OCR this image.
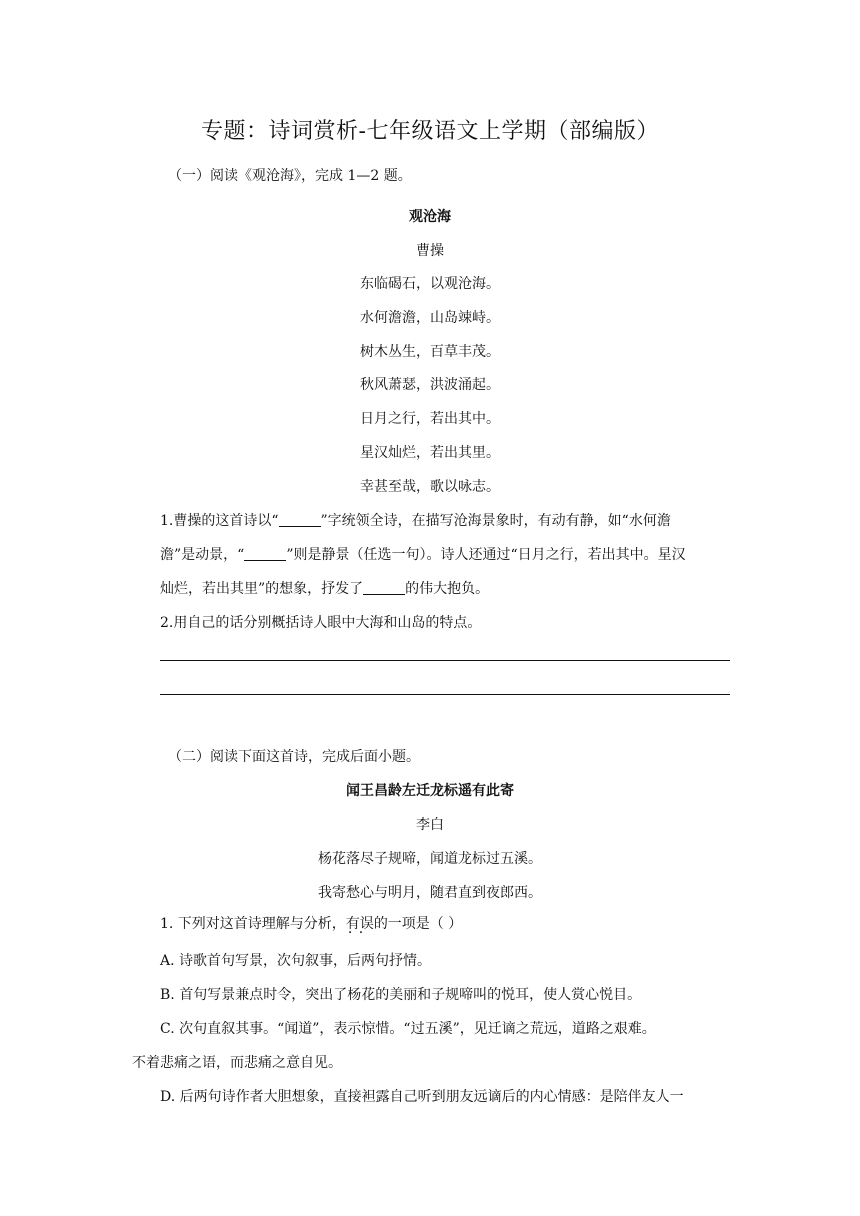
专题：诗词赏析-七年级语文上学期（部编版）
（一）阅读《观沧海》，完成 1—2 题。
观沧海
曹操
东临碣石，以观沧海。
水何澹澹，山岛竦峙。
树木丛生，百草丰茂。
秋风萧瑟，洪波涌起。
日月之行，若出其中。
星汉灿烂，若出其里。
幸甚至哉，歌以咏志。
1.曹操的这首诗以“	”字统领全诗，在描写沧海景象时，有动有静，如“水何澹
澹”是动景，“	”则是静景（任选一句）。诗人还通过“日月之行，若出其中。星汉
灿烂，若出其里”的想象，抒发了	的伟大抱负。
2.用自己的话分别概括诗人眼中大海和山岛的特点。
（二）阅读下面这首诗，完成后面小题。
闻王昌龄左迁龙标遥有此寄
李白
杨花落尽子规啼，闻道龙标过五溪。
我寄愁心与明月，随君直到夜郎西。
1. 下列对这首诗理解与分析，有误 · ·的一项是（ ）
A. 诗歌首句写景，次句叙事，后两句抒情。
B. 首句写景兼点时令，突出了杨花的美丽和子规啼叫的悦耳，使人赏心悦目。
C. 次句直叙其事。“闻道”，表示惊惜。“过五溪”，见迁谪之荒远，道路之艰难。
不着悲痛之语，而悲痛之意自见。
D. 后两句诗作者大胆想象，直接袒露自己听到朋友远谪后的内心情感：是陪伴友人一
